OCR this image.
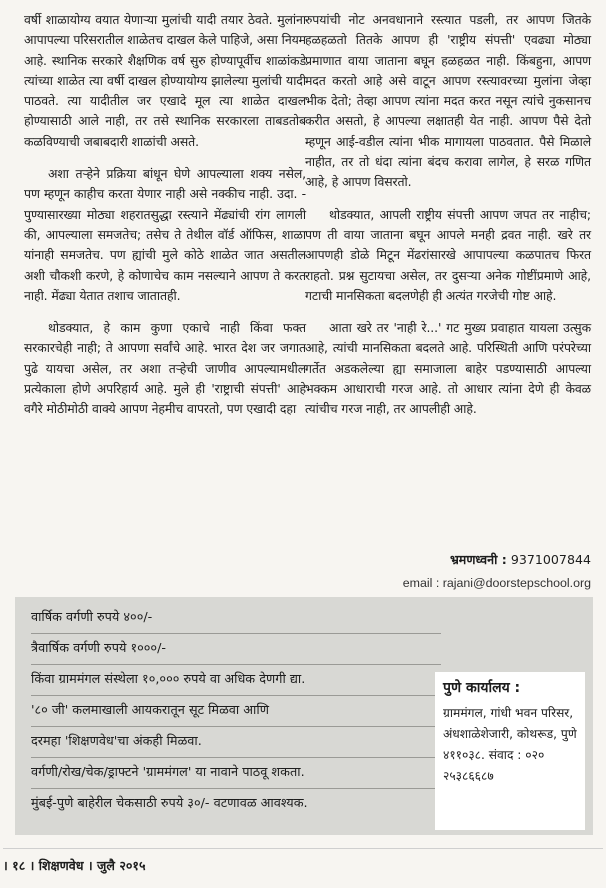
वर्षी शाळायोग्य वयात येणाऱ्या मुलांची यादी तयार ठेवते. मुलांना आपापल्या परिसरातील शाळेतच दाखल केले पाहिजे, असा नियम आहे. स्थानिक सरकारे शैक्षणिक वर्ष सुरु होण्यापूर्वीच शाळांकडे त्यांच्या शाळेत त्या वर्षी दाखल होण्यायोग्य झालेल्या मुलांची यादी पाठवते. त्या यादीतील जर एखादे मूल त्या शाळेत दाखल होण्यासाठी आले नाही, तर तसे स्थानिक सरकारला ताबडतोब कळविण्याची जबाबदारी शाळांची असते.

अशा तऱ्हेने प्रक्रिया बांधून घेणे आपल्याला शक्य नसेल, पण म्हणून काहीच करता येणार नाही असे नक्कीच नाही. उदा. - पुण्यासारख्या मोठ्या शहरातसुद्धा रस्त्याने मेंढ्यांची रांग लागली की, आपल्याला समजतेच; तसेच ते तेथील वॉर्ड ऑफिस, शाळा यांनाही समजतेच. पण ह्यांची मुले कोठे शाळेत जात असतील अशी चौकशी करणे, हे कोणाचेच काम नसल्याने आपण ते करत नाही. मेंढ्या येतात तशाच जातातही.

थोडक्यात, हे काम कुणा एकाचे नाही किंवा फक्त सरकारचेही नाही; ते आपणा सर्वांचे आहे. भारत देश जर जगात पुढे यायचा असेल, तर अशा तऱ्हेची जाणीव आपल्यामधील प्रत्येकाला होणे अपरिहार्य आहे. मुले ही 'राष्ट्राची संपत्ती' आहे वगैरे मोठीमोठी वाक्ये आपण नेहमीच वापरतो, पण एखादी दहा

रुपयांची नोट अनवधानाने रस्त्यात पडली, तर आपण जितके हळहळतो तितके आपण ही 'राष्ट्रीय संपत्ती' एवढ्या मोठ्या प्रमाणात वाया जाताना बघून हळहळत नाही. किंबहुना, आपण मदत करतो आहे असे वाटून आपण रस्त्यावरच्या मुलांना जेव्हा भीक देतो; तेव्हा आपण त्यांना मदत करत नसून त्यांचे नुकसानच करीत असतो, हे आपल्या लक्षातही येत नाही. आपण पैसे देतो म्हणून आई-वडील त्यांना भीक मागायला पाठवतात. पैसे मिळाले नाहीत, तर तो धंदा त्यांना बंदच करावा लागेल, हे सरळ गणित आहे, हे आपण विसरतो.

थोडक्यात, आपली राष्ट्रीय संपत्ती आपण जपत तर नाहीच; पण ती वाया जाताना बघून आपले मनही द्रवत नाही. खरे तर आपणही डोळे मिटून मेंढरांसारखे आपापल्या कळपातच फिरत राहतो. प्रश्न सुटायचा असेल, तर दुसऱ्या अनेक गोष्टींप्रमाणे आहे, गटाची मानसिकता बदलणेही ही अत्यंत गरजेची गोष्ट आहे.

आता खरे तर 'नाही रे...' गट मुख्य प्रवाहात यायला उत्सुक आहे, त्यांची मानसिकता बदलते आहे. परिस्थिती आणि परंपरेच्या गर्तेत अडकलेल्या ह्या समाजाला बाहेर पडण्यासाठी आपल्या भक्कम आधाराची गरज आहे. तो आधार त्यांना देणे ही केवळ त्यांचीच गरज नाही, तर आपलीही आहे.

भ्रमणध्वनी : 9371007844
email : rajani@doorstepschool.org
वार्षिक वर्गणी रुपये ४००/-
त्रैवार्षिक वर्गणी रुपये १०००/-
किंवा ग्राममंगल संस्थेला १०,००० रुपये वा अधिक देणगी द्या.
'८० जी' कलमाखाली आयकरातून सूट मिळवा आणि
दरमहा 'शिक्षणवेध'चा अंकही मिळवा.
वर्गणी/रोख/चेक/ड्राफ्टने 'ग्राममंगल' या नावाने पाठवू शकता.
मुंबई-पुणे बाहेरील चेकसाठी रुपये ३०/- वटणावळ आवश्यक.
पुणे कार्यालय :
ग्राममंगल, गांधी भवन परिसर, अंधशाळेशेजारी, कोथरूड, पुणे ४११०३८. संवाद : ०२० २५३८६६८७
। १८ । शिक्षणवेध । जुलै २०१५
